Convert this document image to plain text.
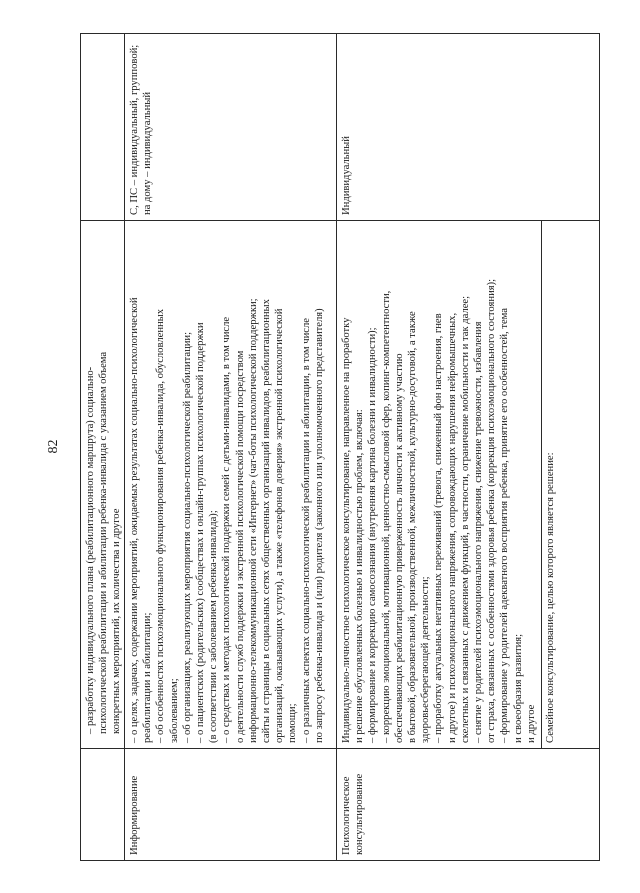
82 – разработку индивидуального плана (реабилитационного маршрута) социально- психологической реабилитации и абилитации ребенка-инвалида с указанием объема конкретных мероприятий, их количества и другое
Информирование
– о целях, задачах, содержании мероприятий, ожидаемых результатах социально-психологической реабилитации и абилитации; – об особенностях психоэмоционального функционирования ребенка-инвалида, обусловленных заболеванием; – об организациях, реализующих мероприятия социально-психологической реабилитации; – о пациентских (родительских) сообществах и онлайн-группах психологической поддержки (в соответствии с заболеванием ребенка-инвалида); – о средствах и методах психологической поддержки семей с детьми-инвалидами, в том числе о деятельности служб поддержки и экстренной психологической помощи посредством информационно-телекоммуникационной сети «Интернет» (чат-боты психологической поддержки; сайты и страницы в социальных сетях общественных организаций инвалидов, реабилитационных организаций, оказывающих услуги), а также «телефонов доверия» экстренной психологической помощи; – о различных аспектах социально-психологической реабилитации и абилитации, в том числе по запросу ребенка-инвалида и (или) родителя (законного или уполномоченного представителя)
С, ПС – индивидуальный, групповой; на дому – индивидуальный
Психологическое консультирование
Индивидуально-личностное психологическое консультирование, направленное на проработку и решение обусловленных болезнью и инвалидностью проблем, включая: – формирование и коррекцию самосознания (внутренняя картина болезни и инвалидности); – коррекцию эмоциональной, мотивационной, ценностно-смысловой сфер, копинг-компетентности, обеспечивающих реабилитационную приверженность личности к активному участию в бытовой, образовательной, производственной, межличностной, культурно-досуговой, а также здоровьесберегающей деятельности; – проработку актуальных негативных переживаний (тревога, сниженный фон настроения, гнев и другое) и психоэмоционального напряжения, сопровождающих нарушения нейромышечных, скелетных и связанных с движением функций, в частности, ограничение мобильности и так далее; – снятие у родителей психоэмоционального напряжения, снижение тревожности, избавления от страха, связанных с особенностями здоровья ребенка (коррекция психоэмоционального состояния); – формирование у родителей адекватного восприятия ребенка, принятие его особенностей, тема и своеобразия развития; и другое Семейное консультирование, целью которого является решение:
Индивидуальный
